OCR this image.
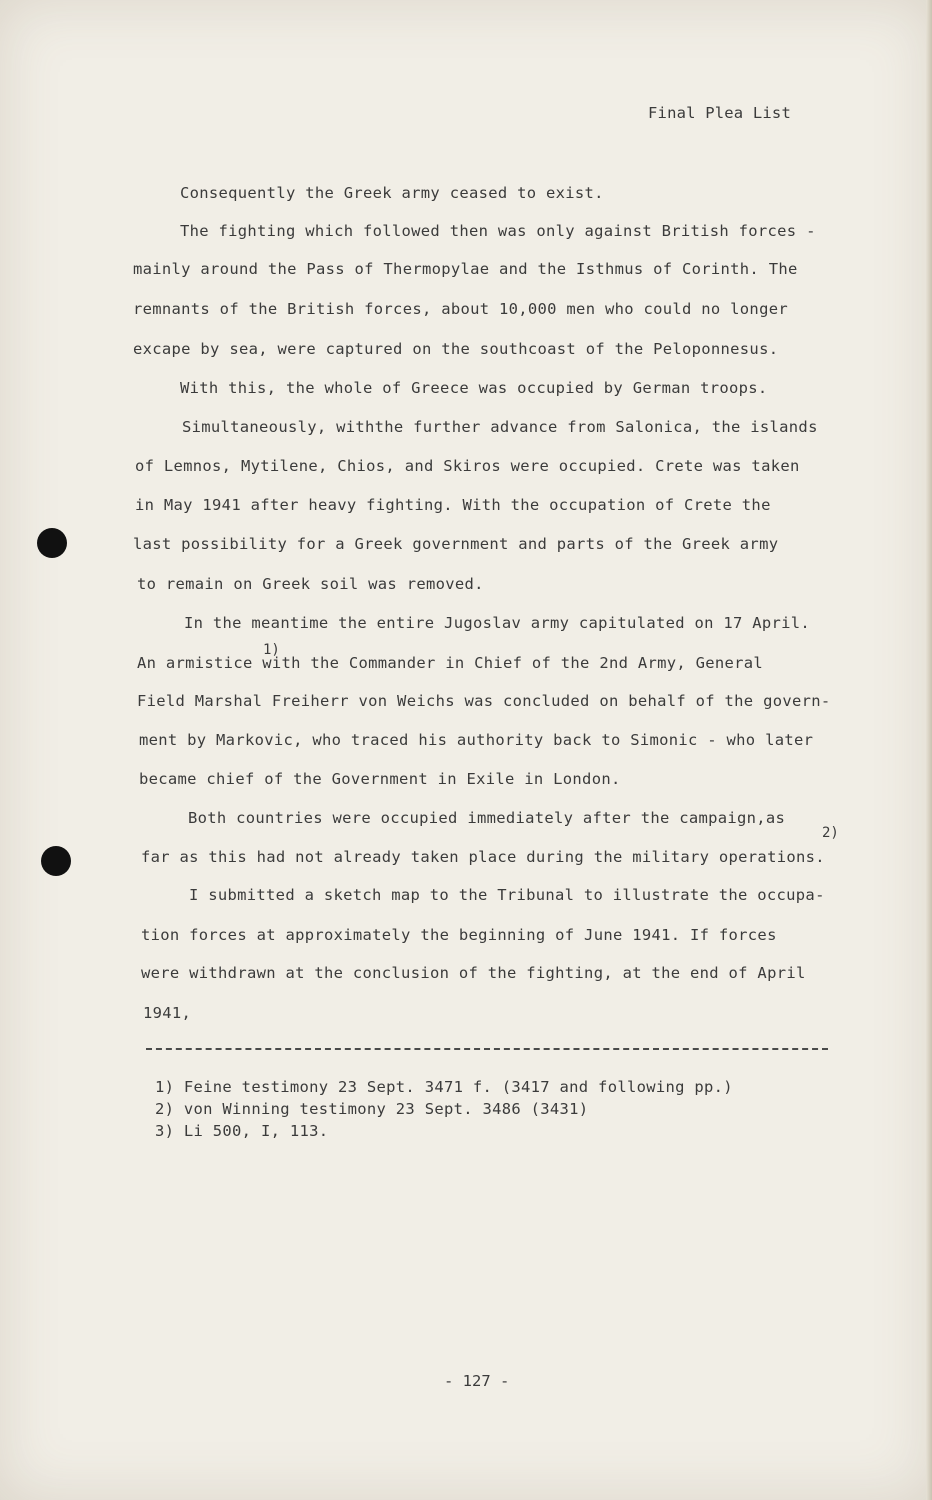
Final Plea List
Consequently the Greek army ceased to exist.
The fighting which followed then was only against British forces -
mainly around the Pass of Thermopylae and the Isthmus of Corinth. The
remnants of the British forces, about 10,000 men who could no longer
excape by sea, were captured on the southcoast of the Peloponnesus.
With this, the whole of Greece was occupied by German troops.
Simultaneously, withthe further advance from Salonica, the islands
of Lemnos, Mytilene, Chios, and Skiros were occupied. Crete was taken
in May 1941 after heavy fighting. With the occupation of Crete the
last possibility for a Greek government and parts of the Greek army
to remain on Greek soil was removed.
In the meantime the entire Jugoslav army capitulated on 17 April.
An armistice with the Commander in Chief of the 2nd Army, General
1)
Field Marshal Freiherr von Weichs was concluded on behalf of the govern-
ment by Markovic, who traced his authority back to Simonic - who later
became chief of the Government in Exile in London.
Both countries were occupied immediately after the campaign,as
far as this had not already taken place during the military operations.
2)
I submitted a sketch map to the Tribunal to illustrate the occupa-
tion forces at approximately the beginning of June 1941. If forces
were withdrawn at the conclusion of the fighting, at the end of April
1941,
1) Feine testimony 23 Sept. 3471 f. (3417 and following pp.)
2) von Winning testimony 23 Sept. 3486 (3431)
3) Li 500, I, 113.
- 127 -
